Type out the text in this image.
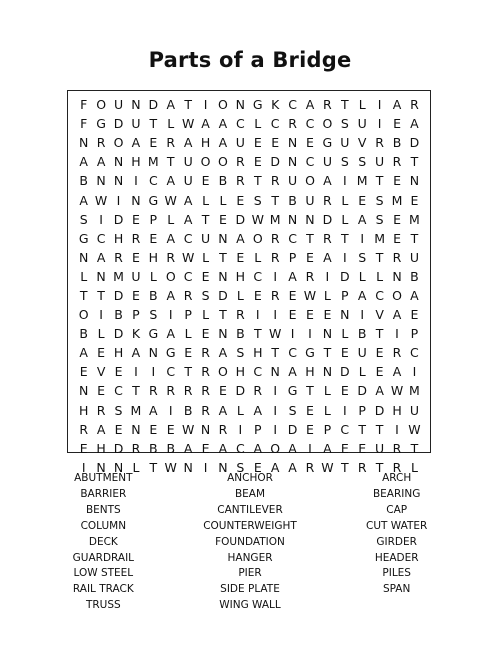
Parts of a Bridge
F O U N D A T I O N G K C A R T L I A R
F G D U T L W A A C L C R C O S U I E A
N R O A E R A H A U E E N E G U V R B D
A A N H M T U O O R E D N C U S S U R T
B N N I C A U E B R T R U O A I M T E N
A W I N G W A L L E S T B U R L E S M E
S I D E P L A T E D W M N N D L A S E M
G C H R E A C U N A O R C T R T I M E T
N A R E H R W L T E L R P E A I S T R U
L N M U L O C E N H C I A R I D L L N B
T T D E B A R S D L E R E W L P A C O A
O I B P S I P L T R I	I E E E N I V A E
B L D K G A L E N B T W I	I N L B T I P
A E H A N G E R A S H T C G T E U E R C
E V E I	I C T R O H C N A H N D L E A I
N E C T R R R R E D R I G T L E D A W M
H R S M A I B R A L A I S E L I P D H U
R A E N E E W N R I P I D E P C T T I W
E H D R B B A E A C A O A I A E E U R T
I N N L T W N I N S E A A R W T R T R L
ABUTMENT
BARRIER
BENTS
COLUMN
DECK
GUARDRAIL
LOW STEEL
RAIL TRACK
TRUSS
ANCHOR
BEAM
CANTILEVER
COUNTERWEIGHT
FOUNDATION
HANGER
PIER
SIDE PLATE
WING WALL
ARCH
BEARING
CAP
CUT WATER
GIRDER
HEADER
PILES
SPAN
